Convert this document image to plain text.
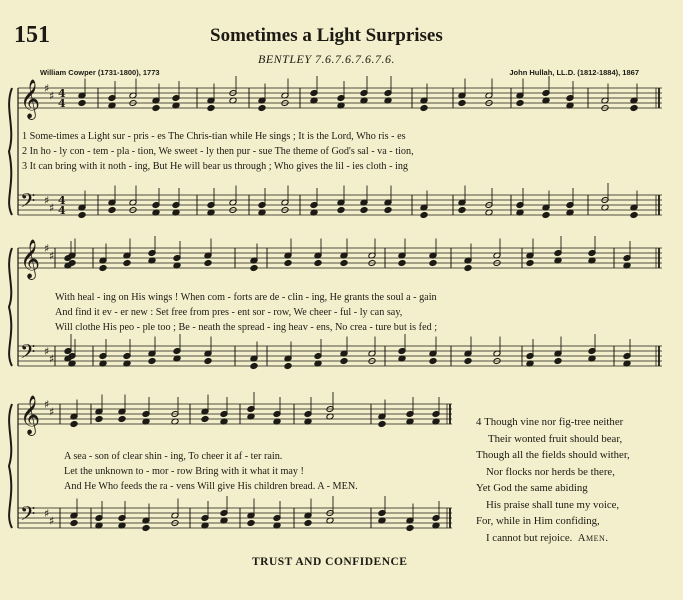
151	Sometimes a Light Surprises
BENTLEY 7.6.7.6.7.6.7.6.
William Cowper (1731-1800), 1773	John Hullah, LL.D. (1812-1884), 1867
𝄞
𝄢
♯
♯
♯
♯
4
4
4
4
𝄞
𝄢
♯
♯
♯
♯
𝄞
𝄢
♯
♯
♯
♯
1 Some-times a Light sur - pris - es The Chris-tian while He sings ; It is the Lord, Who ris - es
2 In ho - ly con - tem - pla - tion, We sweet - ly then pur - sue The theme of God's sal - va - tion,
3 It can bring with it noth - ing, But He will bear us through ; Who gives the lil - ies cloth - ing
With heal - ing on His wings ! When com - forts are de - clin - ing, He grants the soul a - gain
And find it ev - er new : Set free from pres - ent sor - row, We cheer - ful - ly can say,
Will clothe His peo - ple too ; Be - neath the spread - ing heav - ens, No crea - ture but is fed ;
A sea - son of clear shin - ing, To cheer it af - ter rain.
Let the unknown to - mor - row Bring with it what it may !
And He Who feeds the ra - vens Will give His children bread. A - MEN.
4 Though vine nor fig-tree neither
Their wonted fruit should bear,
Though all the fields should wither,
Nor flocks nor herds be there,
Yet God the same abiding
His praise shall tune my voice,
For, while in Him confiding,
I cannot but rejoice. Amen.
TRUST AND CONFIDENCE
